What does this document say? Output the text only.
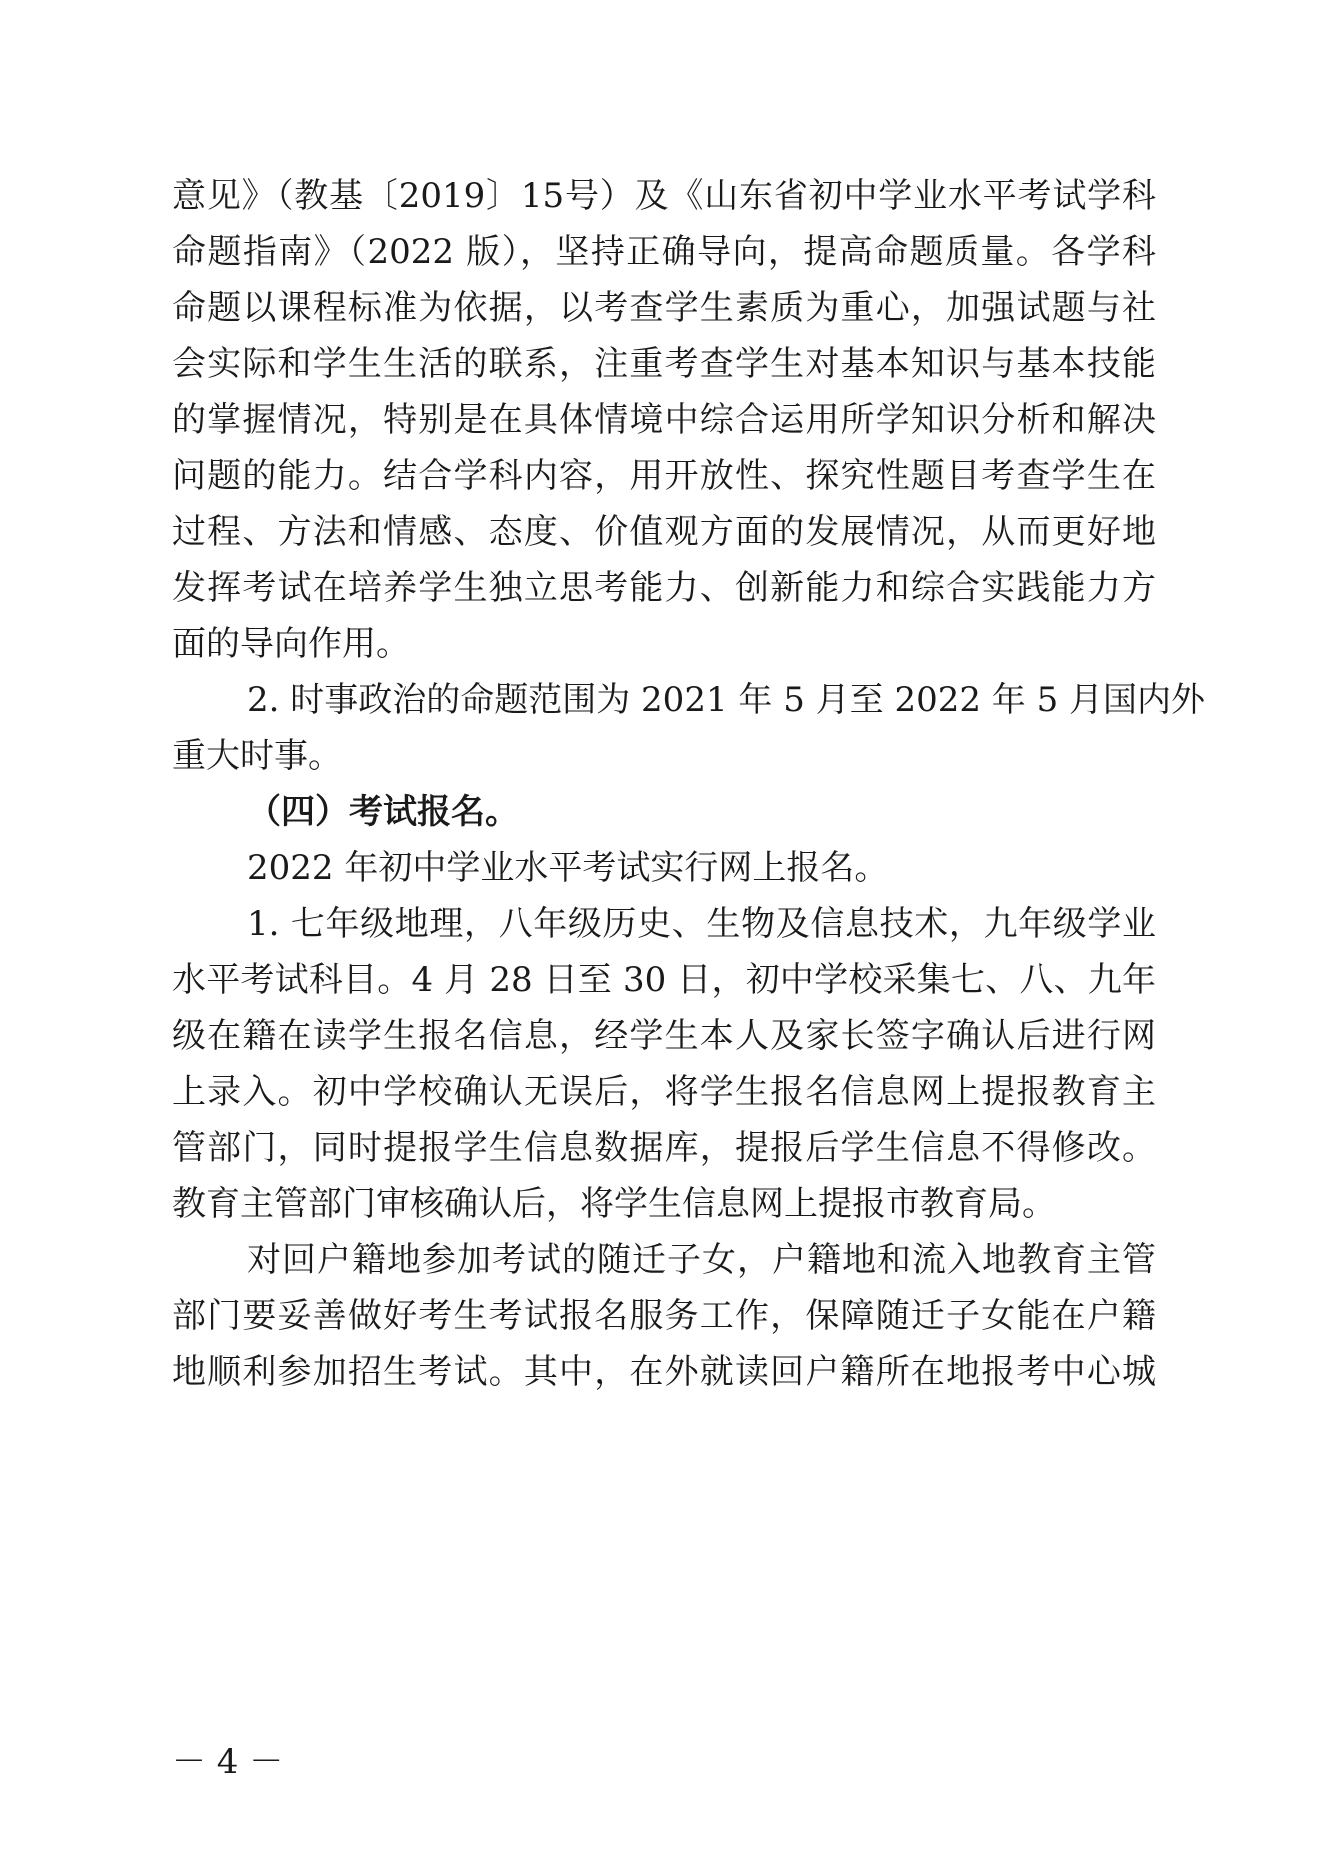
意见》（教基〔2019〕15号）及《山东省初中学业水平考试学科
命题指南》（2022 版），坚持正确导向，提高命题质量。各学科
命题以课程标准为依据，以考查学生素质为重心，加强试题与社
会实际和学生生活的联系，注重考查学生对基本知识与基本技能
的掌握情况，特别是在具体情境中综合运用所学知识分析和解决
问题的能力。结合学科内容，用开放性、探究性题目考查学生在
过程、方法和情感、态度、价值观方面的发展情况，从而更好地
发挥考试在培养学生独立思考能力、创新能力和综合实践能力方
面的导向作用。
2. 时事政治的命题范围为 2021 年 5 月至 2022 年 5 月国内外
重大时事。
（四）考试报名。
2022 年初中学业水平考试实行网上报名。
1. 七年级地理，八年级历史、生物及信息技术，九年级学业
水平考试科目。4 月 28 日至 30 日，初中学校采集七、八、九年
级在籍在读学生报名信息，经学生本人及家长签字确认后进行网
上录入。初中学校确认无误后，将学生报名信息网上提报教育主
管部门，同时提报学生信息数据库，提报后学生信息不得修改。
教育主管部门审核确认后，将学生信息网上提报市教育局。
对回户籍地参加考试的随迁子女，户籍地和流入地教育主管
部门要妥善做好考生考试报名服务工作，保障随迁子女能在户籍
地顺利参加招生考试。其中，在外就读回户籍所在地报考中心城
－ 4 －
